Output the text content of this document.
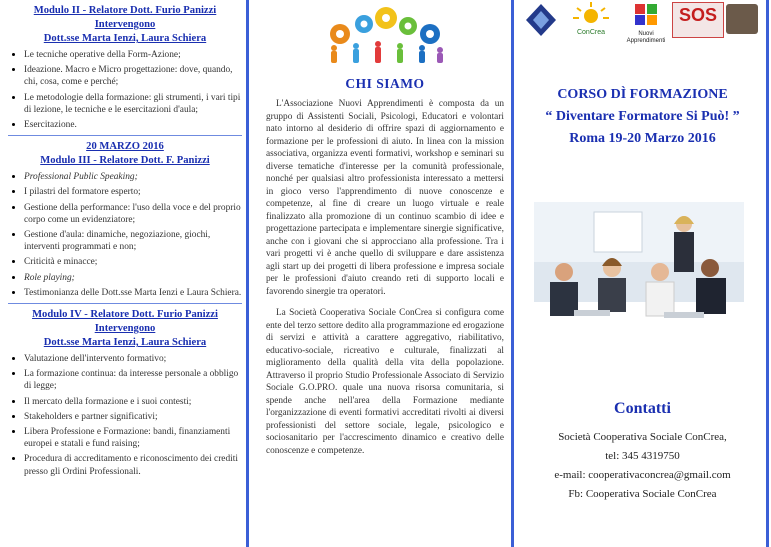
Modulo II - Relatore Dott. Furio Panizzi
Intervengono
Dott.sse Marta Ienzi, Laura Schiera
• Le tecniche operative della Form-Azione;
• Ideazione. Macro e Micro progettazione: dove, quando, chi, cosa, come e perché;
• Le metodologie della formazione: gli strumenti, i vari tipi di lezione, le tecniche e le esercitazioni d'aula;
• Esercitazione.
20 MARZO 2016
Modulo III - Relatore Dott. F. Panizzi
• Professional Public Speaking;
• I pilastri del formatore esperto;
• Gestione della performance: l'uso della voce e del proprio corpo come un evidenziatore;
• Gestione d'aula: dinamiche, negoziazione, giochi, interventi programmati e non;
• Criticità e minacce;
• Role playing;
• Testimonianza delle Dott.sse Marta Ienzi e Laura Schiera.
Modulo IV - Relatore Dott. Furio Panizzi
Intervengono
Dott.sse Marta Ienzi, Laura Schiera
• Valutazione dell'intervento formativo;
• La formazione continua: da interesse personale a obbligo di legge;
• Il mercato della formazione e i suoi contesti;
• Stakeholders e partner significativi;
• Libera Professione e Formazione: bandi, finanziamenti europei e statali e fund raising;
• Procedura di accreditamento e riconoscimento dei crediti presso gli Ordini Professionali.
CHI SIAMO

L'Associazione Nuovi Apprendimenti è composta da un gruppo di Assistenti Sociali, Psicologi, Educatori e volontari nato intorno al desiderio di offrire spazi di aggiornamento e formazione per le professioni di aiuto. In linea con la mission associativa, organizza eventi formativi, workshop e seminari su diverse tematiche d'interesse per la comunità professionale, nonché per qualsiasi altro professionista interessato a mettersi in gioco verso l'apprendimento di nuove conoscenze e competenze, al fine di creare un luogo virtuale e reale finalizzato alla promozione di un continuo scambio di idee e progettazione partecipata e implementare sinergie significative, anche con i giovani che si approcciano alla professione. Tra i vari progetti vi è anche quello di sviluppare e dare assistenza agli start up dei progetti di libera professione e impresa sociale per le professioni d'aiuto creando reti di supporto locali e favorendo sinergie tra operatori.

La Società Cooperativa Sociale ConCrea si configura come ente del terzo settore dedito alla programmazione ed erogazione di servizi e attività a carattere aggregativo, riabilitativo, educativo-sociale, ricreativo e culturale, finalizzati al miglioramento della qualità della vita della popolazione. Attraverso il proprio Studio Professionale Associato di Servizio Sociale G.O.PRO. quale una nuova risorsa comunitaria, si spende anche nell'area della Formazione mediante l'organizzazione di eventi formativi accreditati rivolti ai diversi professionisti del settore sociale, legale, psicologico e sociosanitario per l'accrescimento dinamico e creativo delle conoscenze e competenze.

ConCrea	Nuovi Apprendimenti
SOS
CORSO DÌ FORMAZIONE
“ Diventare Formatore Si Può! ”
Roma 19-20 Marzo 2016
Contatti
Società Cooperativa Sociale ConCrea,
tel: 345 4319750
e-mail: cooperativaconcrea@gmail.com
Fb: Cooperativa Sociale ConCrea
